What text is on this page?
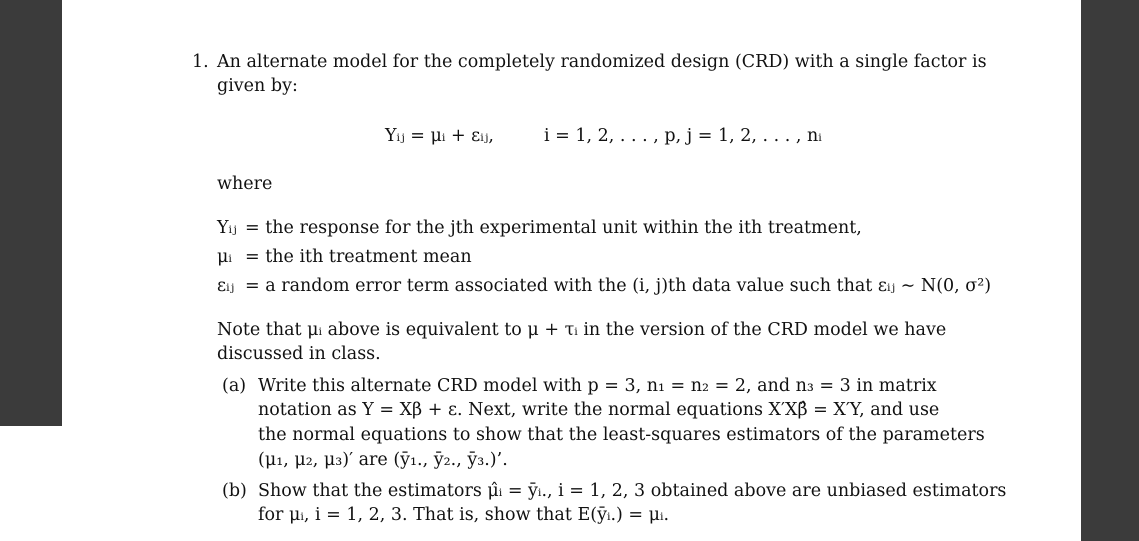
1. An alternate model for the completely randomized design (CRD) with a single factor is
given by:
Yᵢⱼ = μᵢ + εᵢⱼ,	i = 1, 2, . . . , p, j = 1, 2, . . . , nᵢ
where
Yᵢⱼ = the response for the jth experimental unit within the ith treatment,
μᵢ = the ith treatment mean
εᵢⱼ = a random error term associated with the (i, j)th data value such that εᵢⱼ ∼ N(0, σ²)
Note that μᵢ above is equivalent to μ + τᵢ in the version of the CRD model we have
discussed in class.
(a) Write this alternate CRD model with p = 3, n₁ = n₂ = 2, and n₃ = 3 in matrix
notation as Y = Xβ + ε. Next, write the normal equations X′Xβ̂ = X′Y, and use
the normal equations to show that the least-squares estimators of the parameters
(μ₁, μ₂, μ₃)′ are (ȳ₁., ȳ₂., ȳ₃.)’.
(b) Show that the estimators μ̂ᵢ = ȳᵢ., i = 1, 2, 3 obtained above are unbiased estimators
for μᵢ, i = 1, 2, 3. That is, show that E(ȳᵢ.) = μᵢ.
